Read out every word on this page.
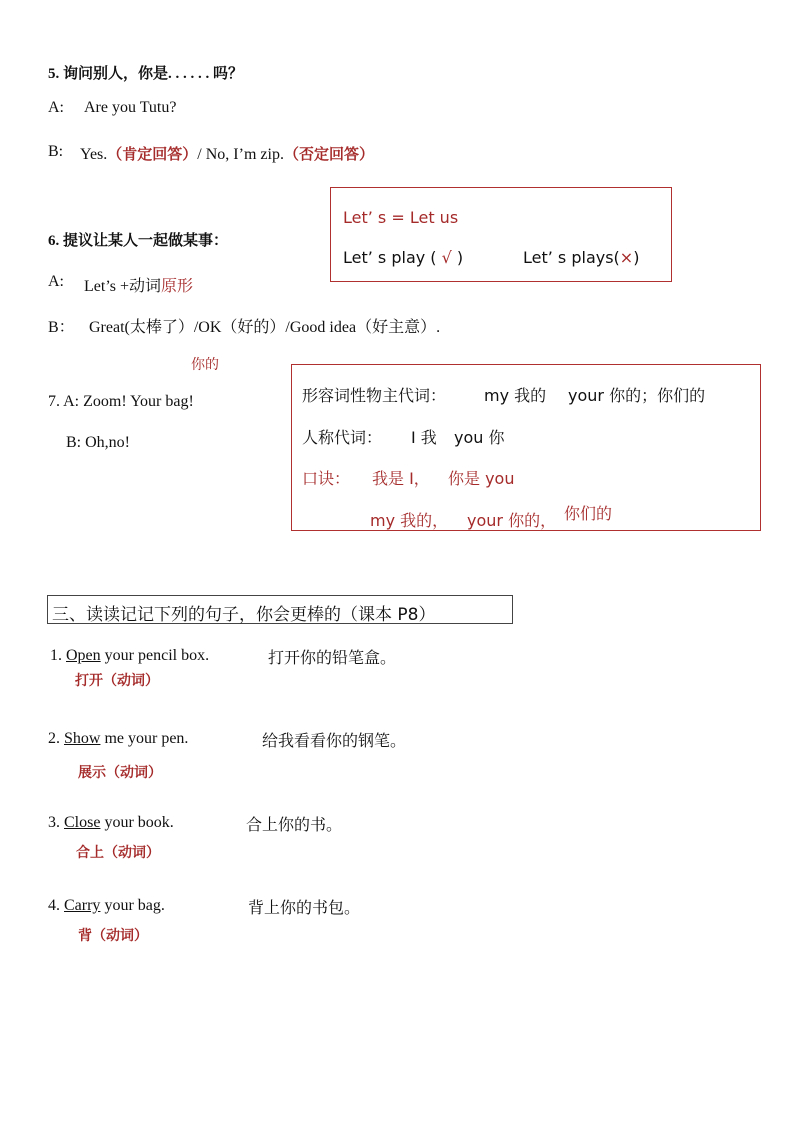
5. 询问别人，你是. . . . . . 吗？
A: Are you Tutu?
B: Yes.（肯定回答）/ No, I’m zip.（否定回答）
Let’ s = Let us
Let’ s play ( √ )	Let’ s plays(×)
6. 提议让某人一起做某事：
A: Let’s +动词原形
B： Great(太棒了）/OK（好的）/Good idea（好主意）.
你的
7. A: Zoom! Your bag!
B: Oh,no!
形容词性物主代词： my 我的 your 你的；你们的
人称代词： I 我 you 你
口诀： 我是 I， 你是 you
my 我的， your 你的， 你们的
三、读读记记下列的句子，你会更棒的（课本 P8）
1. Open your pencil box.	打开你的铅笔盒。
打开（动词）
2. Show me your pen.	给我看看你的钢笔。
展示（动词）
3. Close your book.	合上你的书。
合上（动词）
4. Carry your bag.	背上你的书包。
背（动词）
